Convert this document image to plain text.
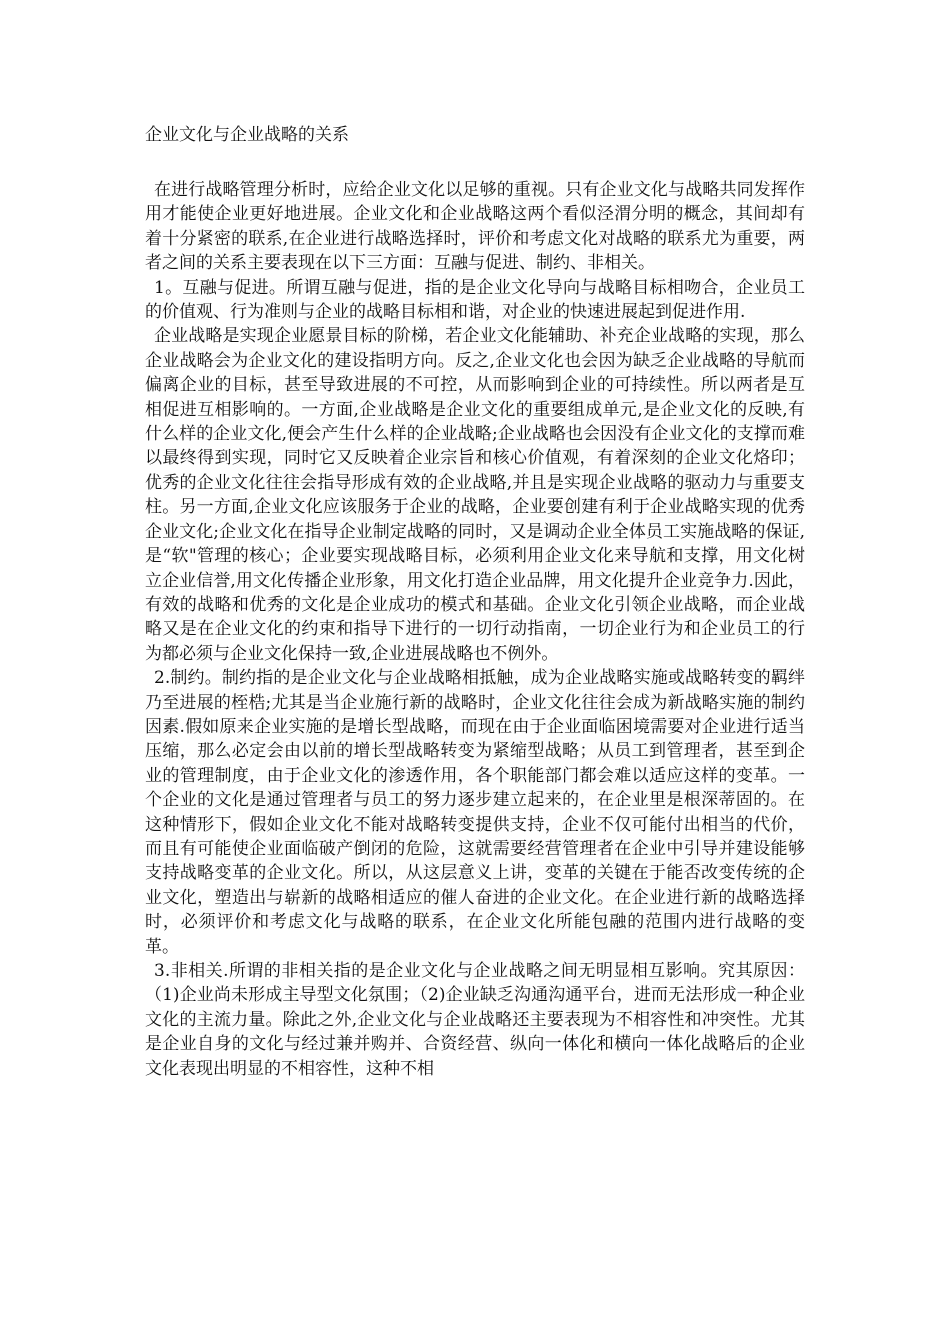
企业文化与企业战略的关系

在进行战略管理分析时，应给企业文化以足够的重视。只有企业文化与战略共同发挥作用才能使企业更好地进展。企业文化和企业战略这两个看似泾渭分明的概念，其间却有着十分紧密的联系,在企业进行战略选择时，评价和考虑文化对战略的联系尤为重要，两者之间的关系主要表现在以下三方面：互融与促进、制约、非相关。

1。互融与促进。所谓互融与促进，指的是企业文化导向与战略目标相吻合，企业员工的价值观、行为准则与企业的战略目标相和谐，对企业的快速进展起到促进作用.

企业战略是实现企业愿景目标的阶梯，若企业文化能辅助、补充企业战略的实现，那么企业战略会为企业文化的建设指明方向。反之,企业文化也会因为缺乏企业战略的导航而偏离企业的目标，甚至导致进展的不可控，从而影响到企业的可持续性。所以两者是互相促进互相影响的。一方面,企业战略是企业文化的重要组成单元,是企业文化的反映,有什么样的企业文化,便会产生什么样的企业战略;企业战略也会因没有企业文化的支撑而难以最终得到实现，同时它又反映着企业宗旨和核心价值观，有着深刻的企业文化烙印；优秀的企业文化往往会指导形成有效的企业战略,并且是实现企业战略的驱动力与重要支柱。另一方面,企业文化应该服务于企业的战略，企业要创建有利于企业战略实现的优秀企业文化;企业文化在指导企业制定战略的同时，又是调动企业全体员工实施战略的保证,是“软"管理的核心；企业要实现战略目标，必须利用企业文化来导航和支撑，用文化树立企业信誉,用文化传播企业形象，用文化打造企业品牌，用文化提升企业竞争力.因此，有效的战略和优秀的文化是企业成功的模式和基础。企业文化引领企业战略，而企业战略又是在企业文化的约束和指导下进行的一切行动指南，一切企业行为和企业员工的行为都必须与企业文化保持一致,企业进展战略也不例外。

2.制约。制约指的是企业文化与企业战略相抵触，成为企业战略实施或战略转变的羁绊乃至进展的桎梏;尤其是当企业施行新的战略时，企业文化往往会成为新战略实施的制约因素.假如原来企业实施的是增长型战略，而现在由于企业面临困境需要对企业进行适当压缩，那么必定会由以前的增长型战略转变为紧缩型战略；从员工到管理者，甚至到企业的管理制度，由于企业文化的渗透作用，各个职能部门都会难以适应这样的变革。一个企业的文化是通过管理者与员工的努力逐步建立起来的，在企业里是根深蒂固的。在这种情形下，假如企业文化不能对战略转变提供支持，企业不仅可能付出相当的代价，而且有可能使企业面临破产倒闭的危险，这就需要经营管理者在企业中引导并建设能够支持战略变革的企业文化。所以，从这层意义上讲，变革的关键在于能否改变传统的企业文化，塑造出与崭新的战略相适应的催人奋进的企业文化。在企业进行新的战略选择时，必须评价和考虑文化与战略的联系，在企业文化所能包融的范围内进行战略的变革。

3.非相关.所谓的非相关指的是企业文化与企业战略之间无明显相互影响。究其原因：（1)企业尚未形成主导型文化氛围；（2)企业缺乏沟通沟通平台，进而无法形成一种企业文化的主流力量。除此之外,企业文化与企业战略还主要表现为不相容性和冲突性。尤其是企业自身的文化与经过兼并购并、合资经营、纵向一体化和横向一体化战略后的企业文化表现出明显的不相容性，这种不相
